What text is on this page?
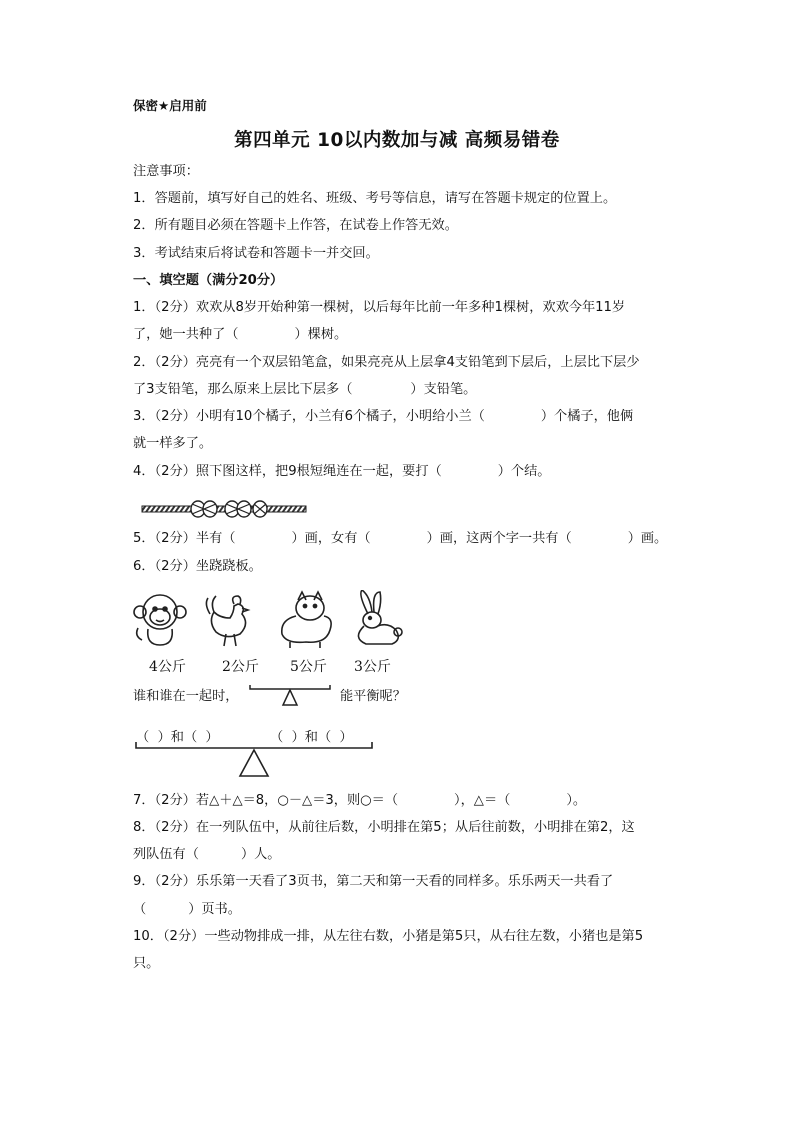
保密★启用前
第四单元 10以内数加与减 高频易错卷
注意事项：
1．答题前，填写好自己的姓名、班级、考号等信息，请写在答题卡规定的位置上。
2．所有题目必须在答题卡上作答，在试卷上作答无效。
3．考试结束后将试卷和答题卡一并交回。
一、填空题（满分20分）
1．（2分）欢欢从8岁开始种第一棵树，以后每年比前一年多种1棵树，欢欢今年11岁
了，她一共种了（	）棵树。
2．（2分）亮亮有一个双层铅笔盒，如果亮亮从上层拿4支铅笔到下层后，上层比下层少
了3支铅笔，那么原来上层比下层多（	）支铅笔。
3．（2分）小明有10个橘子，小兰有6个橘子，小明给小兰（	）个橘子，他俩
就一样多了。
4．（2分）照下图这样，把9根短绳连在一起，要打（	）个结。
5．（2分）半有（	）画，女有（	）画，这两个字一共有（	）画。
6．（2分）坐跷跷板。
4公斤	2公斤 5公斤 3公斤
谁和谁在一起时，	能平衡呢？
（  ）和（  ）	（  ）和（  ）
7．（2分）若△＋△＝8，○－△＝3，则○＝（	），△＝（	）。
8．（2分）在一列队伍中，从前往后数，小明排在第5；从后往前数，小明排在第2，这
列队伍有（	）人。
9．（2分）乐乐第一天看了3页书，第二天和第一天看的同样多。乐乐两天一共看了
（	）页书。
10．（2分）一些动物排成一排，从左往右数，小猪是第5只，从右往左数，小猪也是第5
只。
